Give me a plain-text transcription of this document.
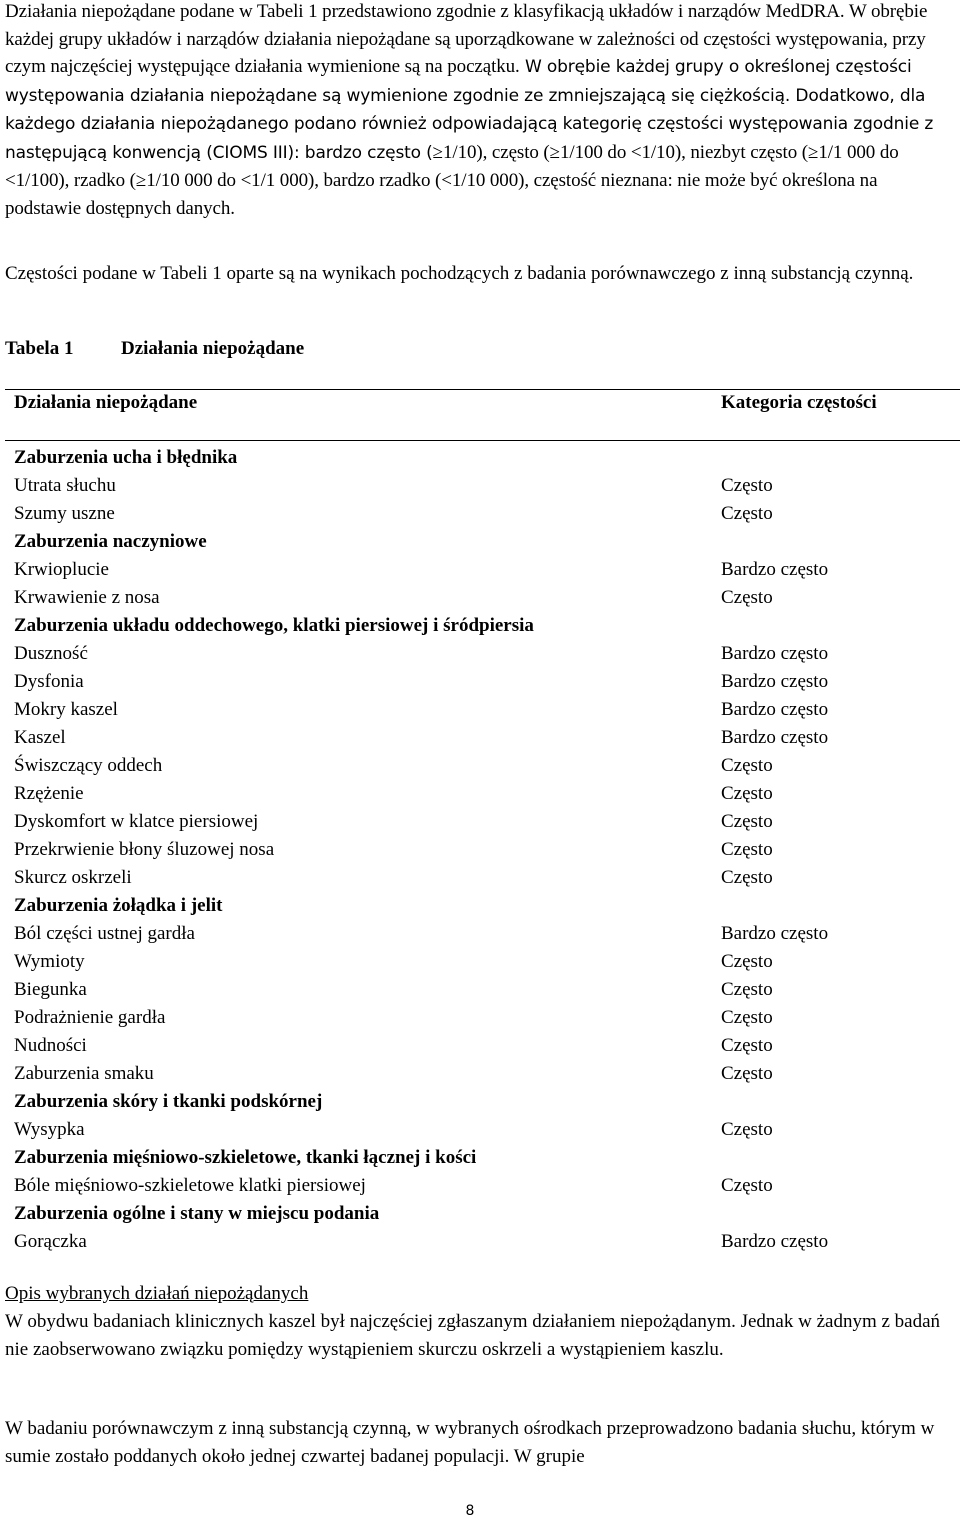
Działania niepożądane podane w Tabeli 1 przedstawiono zgodnie z klasyfikacją układów i narządów MedDRA. W obrębie każdej grupy układów i narządów działania niepożądane są uporządkowane w zależności od częstości występowania, przy czym najczęściej występujące działania wymienione są na początku. W obrębie każdej grupy o określonej częstości występowania działania niepożądane są wymienione zgodnie ze zmniejszającą się ciężkością. Dodatkowo, dla każdego działania niepożądanego podano również odpowiadającą kategorię częstości występowania zgodnie z następującą konwencją (CIOMS III): bardzo często (≥1/10), często (≥1/100 do <1/10), niezbyt często (≥1/1 000 do <1/100), rzadko (≥1/10 000 do <1/1 000), bardzo rzadko (<1/10 000), częstość nieznana: nie może być określona na podstawie dostępnych danych.

Częstości podane w Tabeli 1 oparte są na wynikach pochodzących z badania porównawczego z inną substancją czynną.

Tabela 1	Działania niepożądane
Działania niepożądane	Kategoria częstości
Zaburzenia ucha i błędnika
Utrata słuchu	Często
Szumy uszne	Często
Zaburzenia naczyniowe
Krwioplucie	Bardzo często
Krwawienie z nosa	Często
Zaburzenia układu oddechowego, klatki piersiowej i śródpiersia
Duszność	Bardzo często
Dysfonia	Bardzo często
Mokry kaszel	Bardzo często
Kaszel	Bardzo często
Świszczący oddech	Często
Rzężenie	Często
Dyskomfort w klatce piersiowej	Często
Przekrwienie błony śluzowej nosa	Często
Skurcz oskrzeli	Często
Zaburzenia żołądka i jelit
Ból części ustnej gardła	Bardzo często
Wymioty	Często
Biegunka	Często
Podrażnienie gardła	Często
Nudności	Często
Zaburzenia smaku	Często
Zaburzenia skóry i tkanki podskórnej
Wysypka	Często
Zaburzenia mięśniowo-szkieletowe, tkanki łącznej i kości
Bóle mięśniowo-szkieletowe klatki piersiowej	Często
Zaburzenia ogólne i stany w miejscu podania
Gorączka	Bardzo często
Opis wybranych działań niepożądanych

W obydwu badaniach klinicznych kaszel był najczęściej zgłaszanym działaniem niepożądanym. Jednak w żadnym z badań nie zaobserwowano związku pomiędzy wystąpieniem skurczu oskrzeli a wystąpieniem kaszlu.

W badaniu porównawczym z inną substancją czynną, w wybranych ośrodkach przeprowadzono badania słuchu, którym w sumie zostało poddanych około jednej czwartej badanej populacji. W grupie

8
